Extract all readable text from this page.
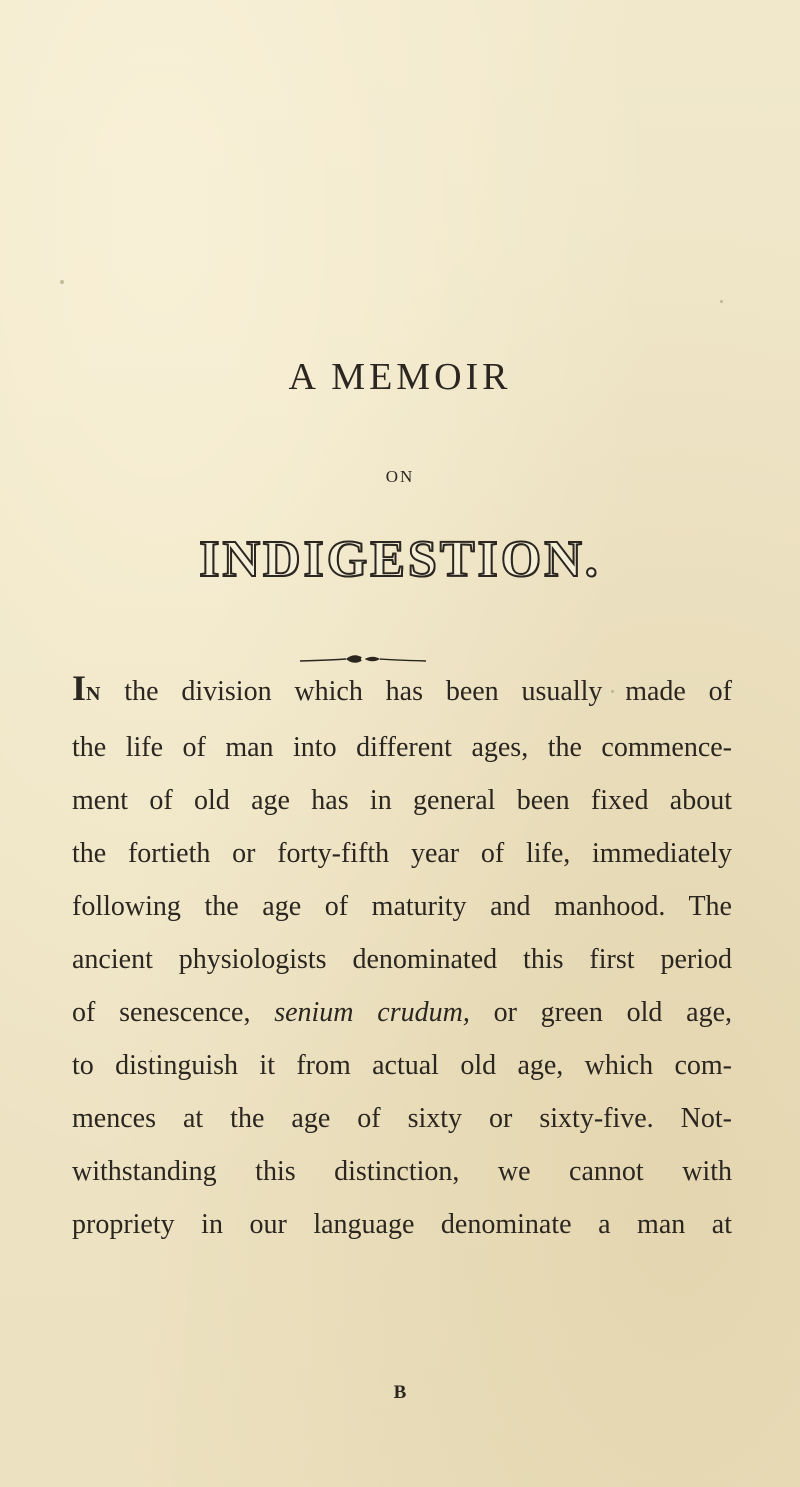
A MEMOIR
ON
INDIGESTION.
IN the division which has been usually made of
the life of man into different ages, the commence-
ment of old age has in general been fixed about
the fortieth or forty-fifth year of life, immediately
following the age of maturity and manhood. The
ancient physiologists denominated this first period
of senescence, senium crudum, or green old age,
to distinguish it from actual old age, which com-
mences at the age of sixty or sixty-five. Not-
withstanding this distinction, we cannot with
propriety in our language denominate a man at
B
